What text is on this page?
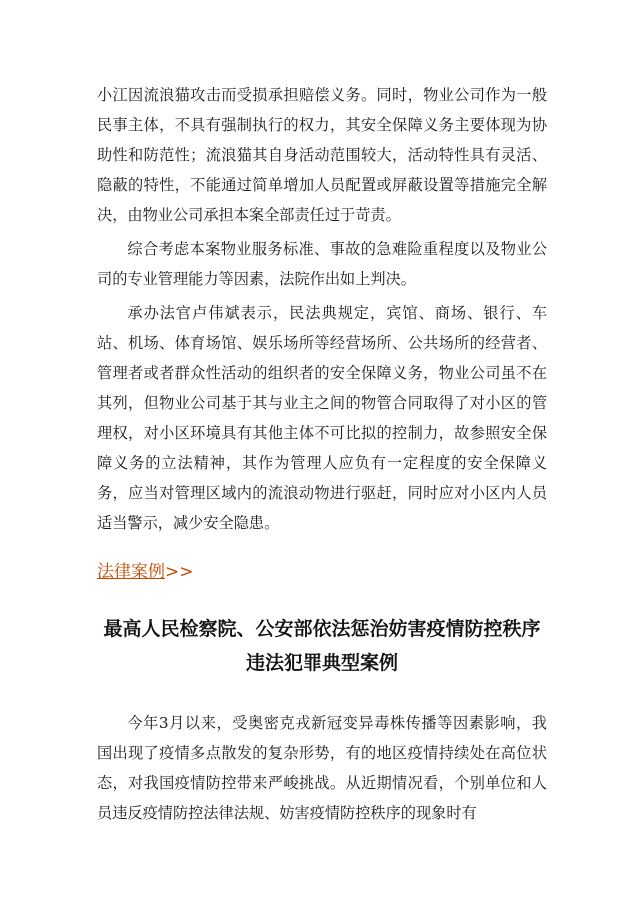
小江因流浪猫攻击而受损承担赔偿义务。同时，物业公司作为一般民事主体，不具有强制执行的权力，其安全保障义务主要体现为协助性和防范性；流浪猫其自身活动范围较大，活动特性具有灵活、隐蔽的特性，不能通过简单增加人员配置或屏蔽设置等措施完全解决，由物业公司承担本案全部责任过于苛责。

综合考虑本案物业服务标准、事故的急难险重程度以及物业公司的专业管理能力等因素，法院作出如上判决。

承办法官卢伟斌表示，民法典规定，宾馆、商场、银行、车站、机场、体育场馆、娱乐场所等经营场所、公共场所的经营者、管理者或者群众性活动的组织者的安全保障义务，物业公司虽不在其列，但物业公司基于其与业主之间的物管合同取得了对小区的管理权，对小区环境具有其他主体不可比拟的控制力，故参照安全保障义务的立法精神，其作为管理人应负有一定程度的安全保障义务，应当对管理区域内的流浪动物进行驱赶，同时应对小区内人员适当警示，减少安全隐患。

法律案例>>
最高人民检察院、公安部依法惩治妨害疫情防控秩序
违法犯罪典型案例

今年3月以来，受奥密克戎新冠变异毒株传播等因素影响，我国出现了疫情多点散发的复杂形势，有的地区疫情持续处在高位状态，对我国疫情防控带来严峻挑战。从近期情况看，个别单位和人员违反疫情防控法律法规、妨害疫情防控秩序的现象时有
